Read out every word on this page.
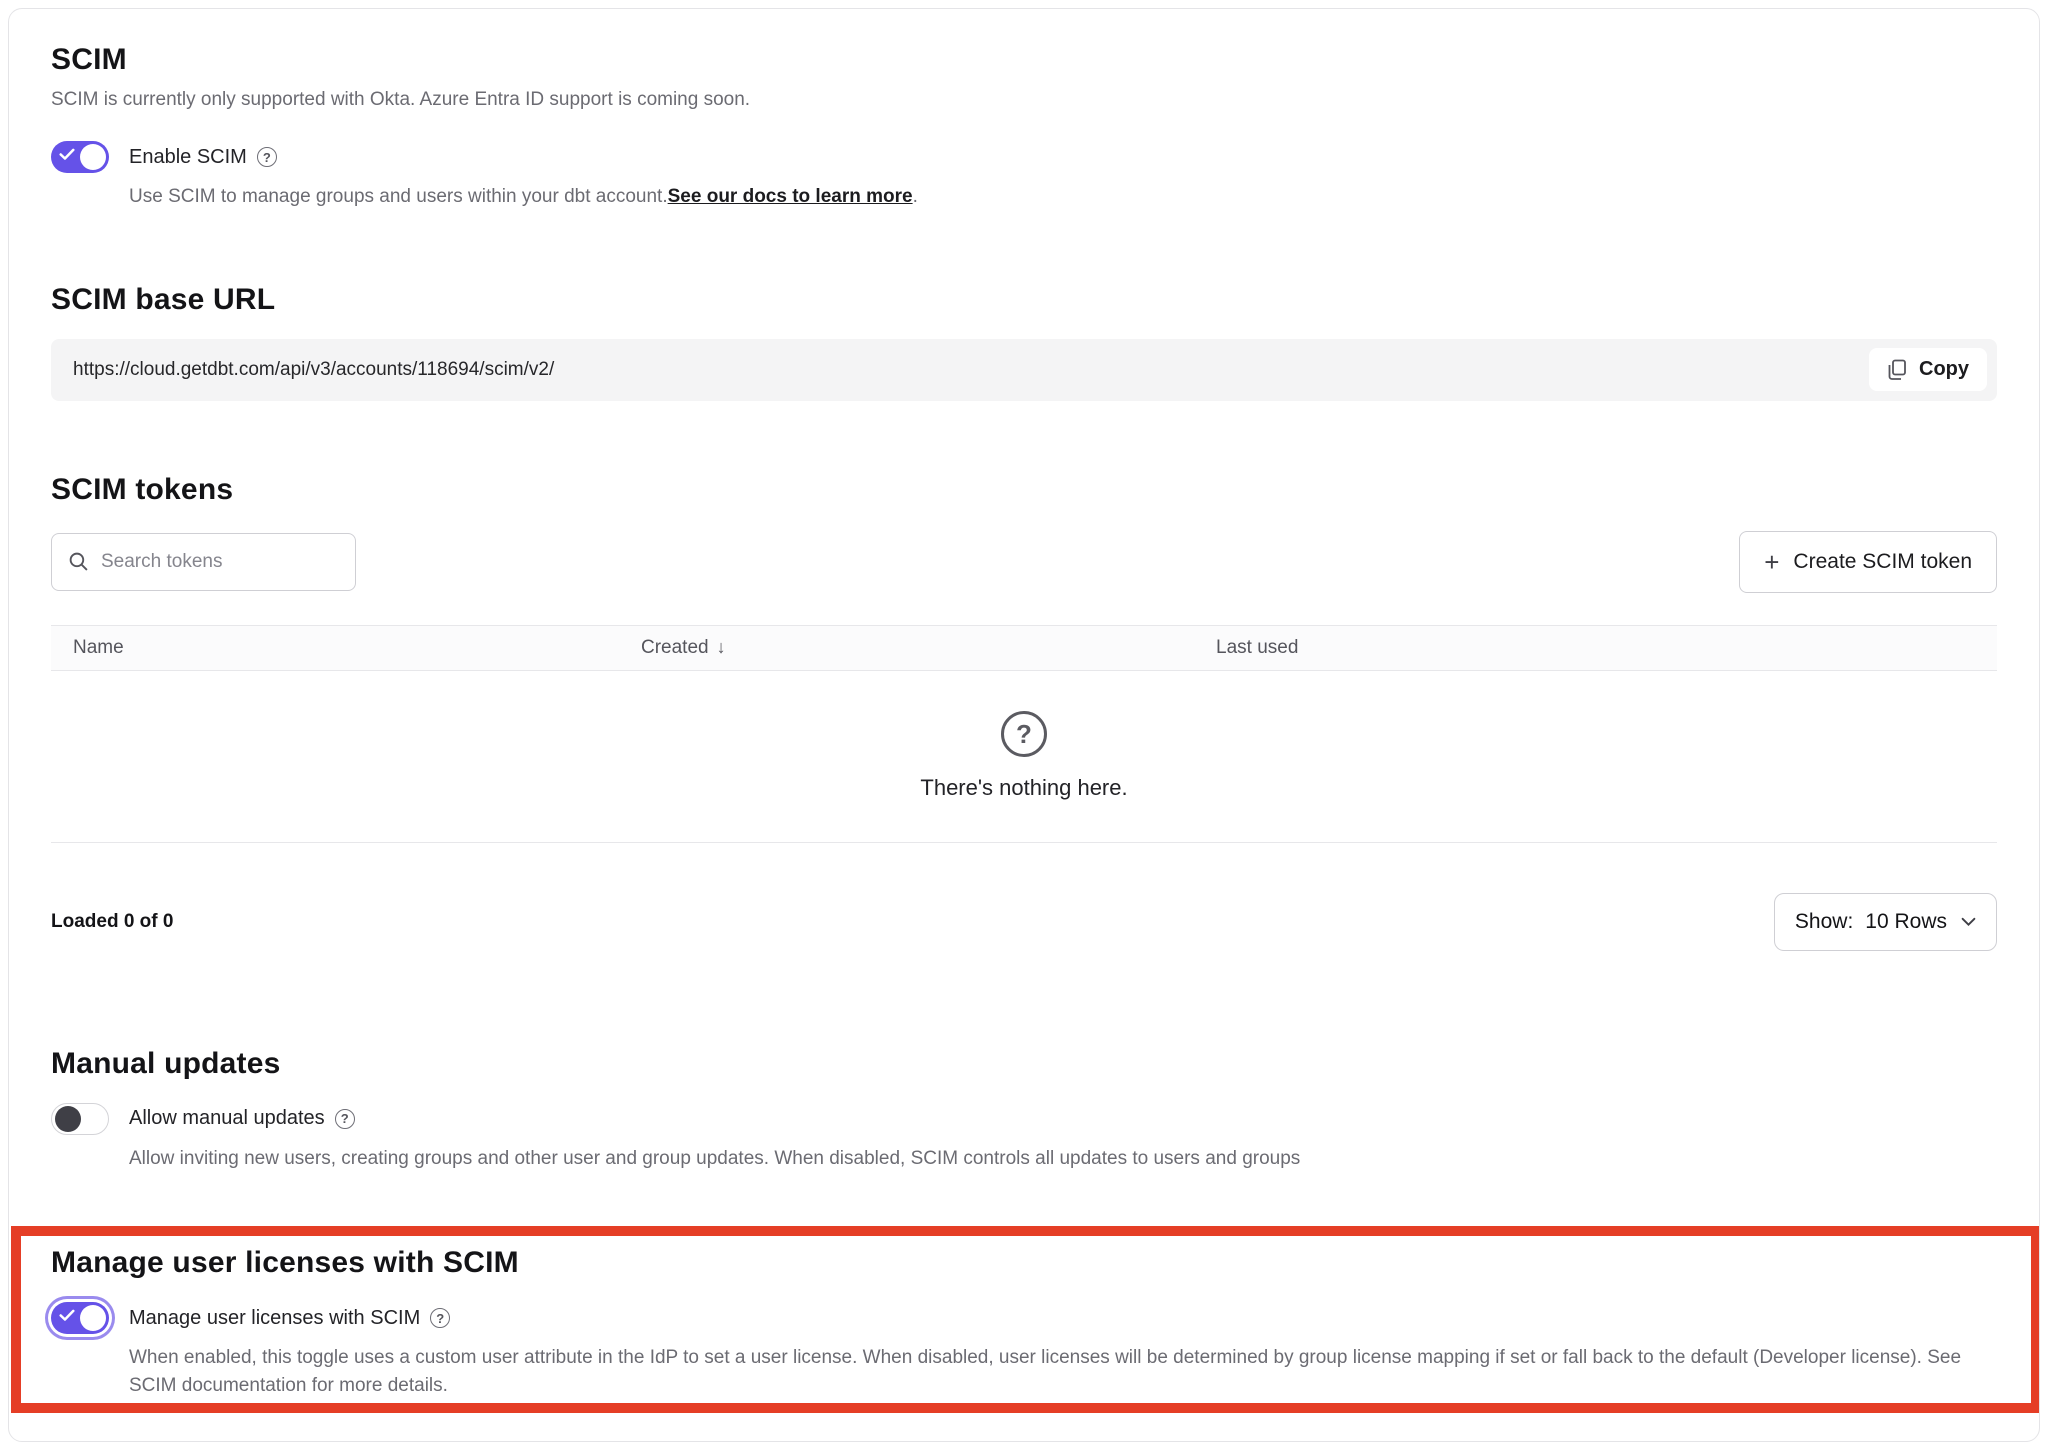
SCIM

SCIM is currently only supported with Okta. Azure Entra ID support is coming soon.

Enable SCIM	?

Use SCIM to manage groups and users within your dbt account.See our docs to learn more.

SCIM base URL
https://cloud.getdbt.com/api/v3/accounts/118694/scim/v2/	Copy
SCIM tokens
Search tokens
+ Create SCIM token
Name	Created ↓	Last used
?
There's nothing here.
Loaded 0 of 0	Show: 10 Rows
Manual updates
Allow manual updates	?

Allow inviting new users, creating groups and other user and group updates. When disabled, SCIM controls all updates to users and groups

Manage user licenses with SCIM
Manage user licenses with SCIM	?

When enabled, this toggle uses a custom user attribute in the IdP to set a user license. When disabled, user licenses will be determined by group license mapping if set or fall back to the default (Developer license). See SCIM documentation for more details.
